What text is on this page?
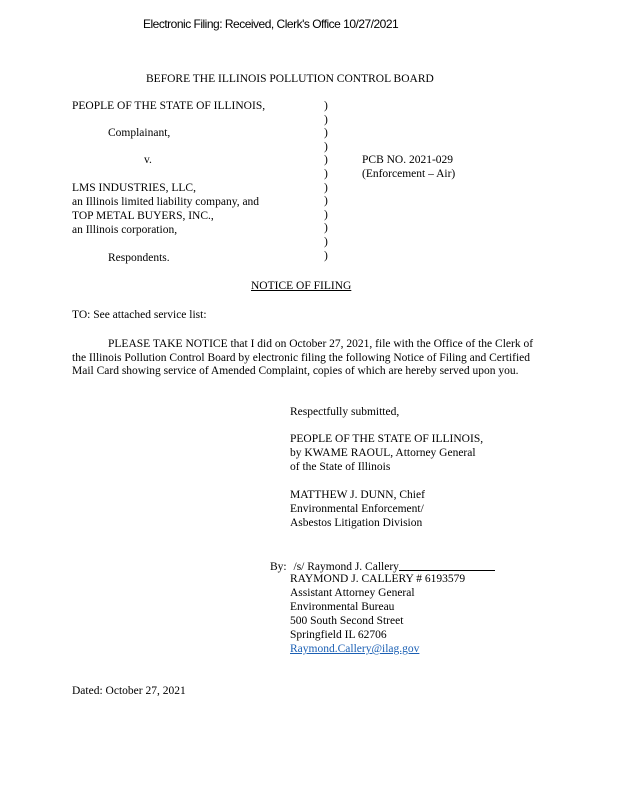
Electronic Filing: Received, Clerk's Office 10/27/2021
BEFORE THE ILLINOIS POLLUTION CONTROL BOARD
PEOPLE OF THE STATE OF ILLINOIS,
Complainant,
v.
LMS INDUSTRIES, LLC,
an Illinois limited liability company, and
TOP METAL BUYERS, INC.,
an Illinois corporation,
Respondents.
)
)
)
)
)
)
)
)
)
)
)
)
PCB NO. 2021-029
(Enforcement – Air)
NOTICE OF FILING
TO: See attached service list:
PLEASE TAKE NOTICE that I did on October 27, 2021, file with the Office of the Clerk of the Illinois Pollution Control Board by electronic filing the following Notice of Filing and Certified Mail Card showing service of Amended Complaint, copies of which are hereby served upon you.
Respectfully submitted,
PEOPLE OF THE STATE OF ILLINOIS,
by KWAME RAOUL, Attorney General
of the State of Illinois
MATTHEW J. DUNN, Chief
Environmental Enforcement/
Asbestos Litigation Division
By: /s/ Raymond J. Callery
RAYMOND J. CALLERY # 6193579
Assistant Attorney General
Environmental Bureau
500 South Second Street
Springfield IL 62706
Raymond.Callery@ilag.gov
Dated: October 27, 2021
